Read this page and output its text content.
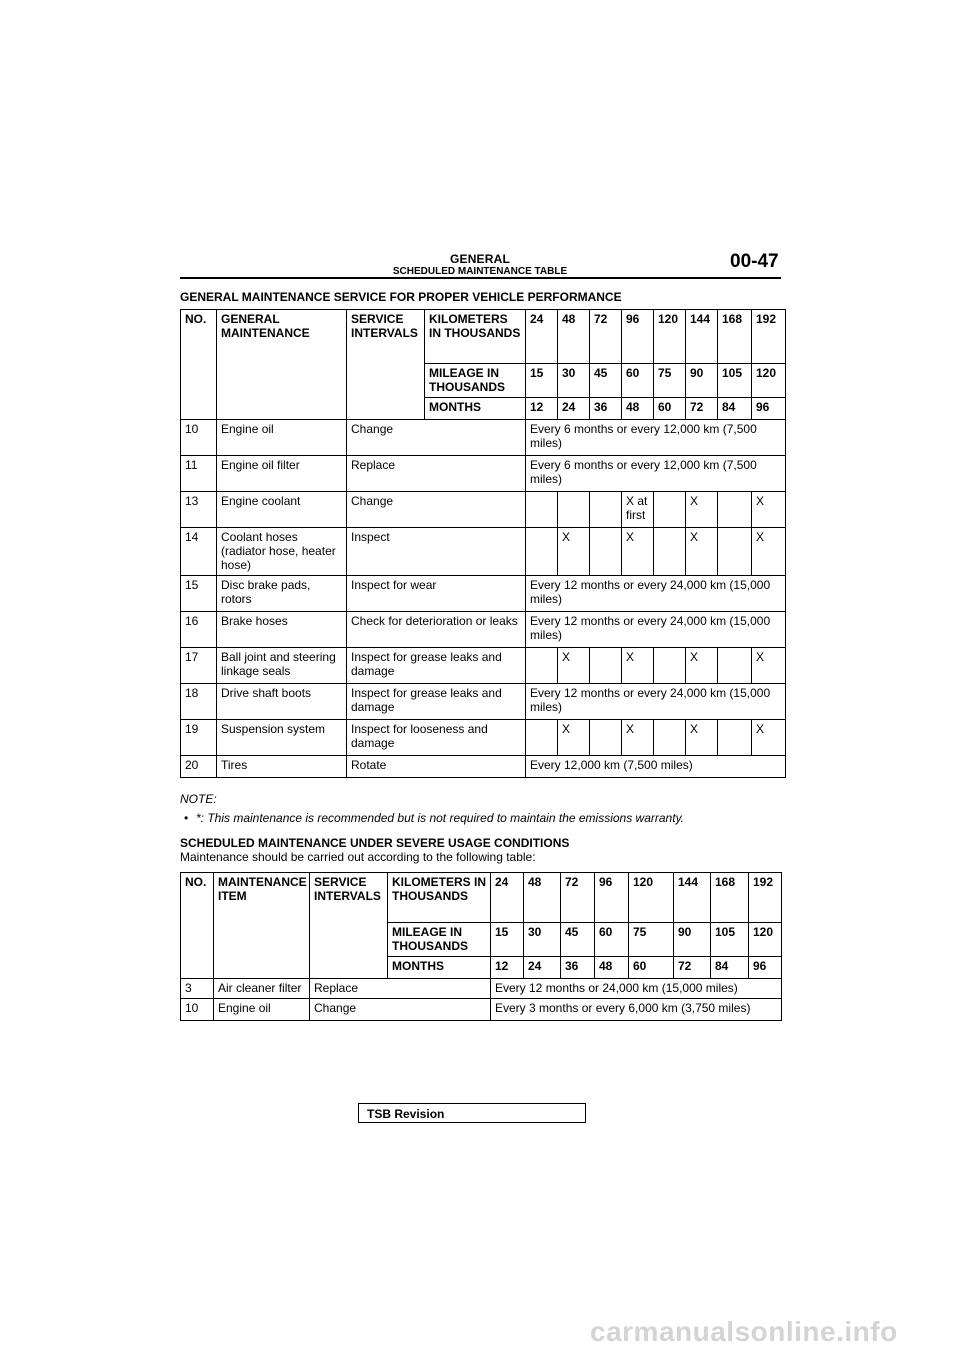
GENERAL
SCHEDULED MAINTENANCE TABLE	00-47
GENERAL MAINTENANCE SERVICE FOR PROPER VEHICLE PERFORMANCE
NO.	GENERAL MAINTENANCE	SERVICE INTERVALS	KILOMETERS IN THOUSANDS	24	48	72	96	120	144	168	192
			MILEAGE IN THOUSANDS	15	30	45	60	75	90	105	120
			MONTHS	12	24	36	48	60	72	84	96
10	Engine oil	Change		Every 6 months or every 12,000 km (7,500 miles)							
11	Engine oil filter	Replace		Every 6 months or every 12,000 km (7,500 miles)							
13	Engine coolant	Change					X at first		X		X
14	Coolant hoses (radiator hose, heater hose)	Inspect			X		X		X		X
15	Disc brake pads, rotors	Inspect for wear		Every 12 months or every 24,000 km (15,000 miles)							
16	Brake hoses	Check for deterioration or leaks		Every 12 months or every 24,000 km (15,000 miles)							
17	Ball joint and steering linkage seals	Inspect for grease leaks and damage			X		X		X		X
18	Drive shaft boots	Inspect for grease leaks and damage		Every 12 months or every 24,000 km (15,000 miles)							
19	Suspension system	Inspect for looseness and damage			X		X		X		X
20	Tires	Rotate		Every 12,000 km (7,500 miles)							
NOTE:
• *: This maintenance is recommended but is not required to maintain the emissions warranty.
SCHEDULED MAINTENANCE UNDER SEVERE USAGE CONDITIONS
Maintenance should be carried out according to the following table:
NO.	MAINTENANCE ITEM	SERVICE INTERVALS	KILOMETERS IN THOUSANDS	24	48	72	96	120	144	168	192
			MILEAGE IN THOUSANDS	15	30	45	60	75	90	105	120
			MONTHS	12	24	36	48	60	72	84	96
3	Air cleaner filter	Replace		Every 12 months or 24,000 km (15,000 miles)							
10	Engine oil	Change		Every 3 months or every 6,000 km (3,750 miles)							
TSB Revision
carmanualsonline.info
